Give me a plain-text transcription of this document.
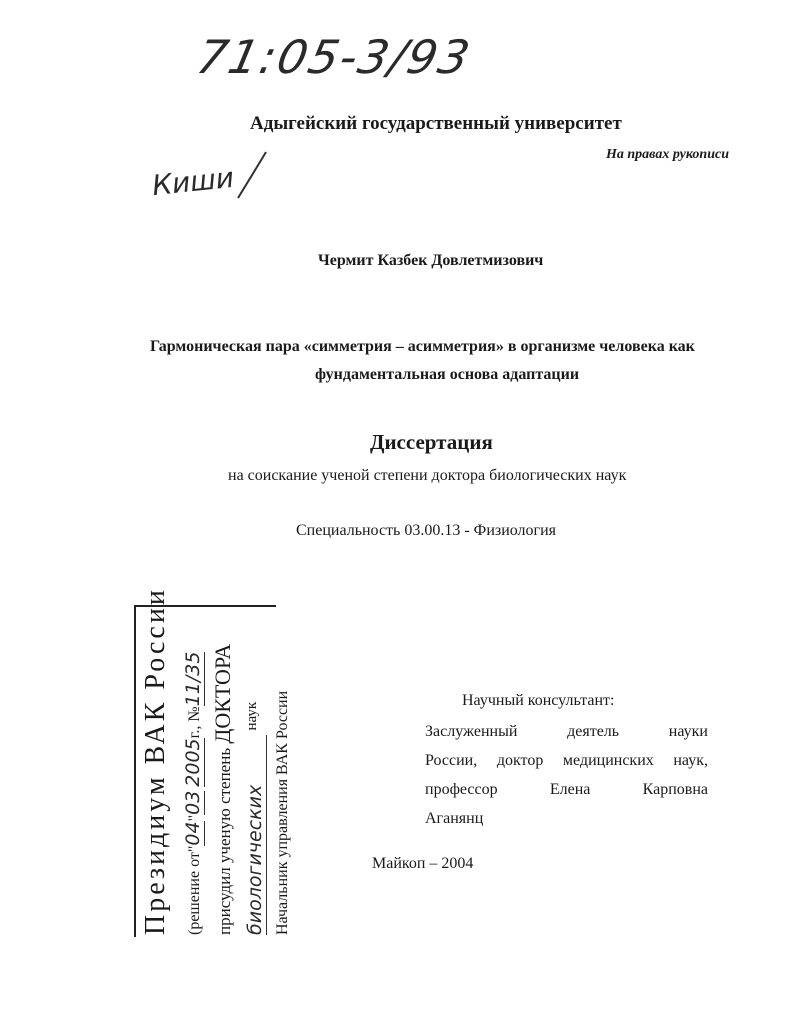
71:05-3/93
Адыгейский государственный университет
На правах рукописи
Киши
Чермит Казбек Довлетмизович
Гармоническая пара «симметрия – асимметрия» в организме человека как
фундаментальная основа адаптации
Диссертация
на соискание ученой степени доктора биологических наук
Специальность 03.00.13 - Физиология
Президиум ВАК России (решение от"04"03 2005г., №11/35
присудил ученую степень ДОКТОРА
биологических $^{наук}$ Начальник управления ВАК России	Научный консультант:
Заслуженный	деятель	науки
России, доктор медицинских наук,
профессор	Елена	Карповна
Аганянц
Майкоп – 2004
